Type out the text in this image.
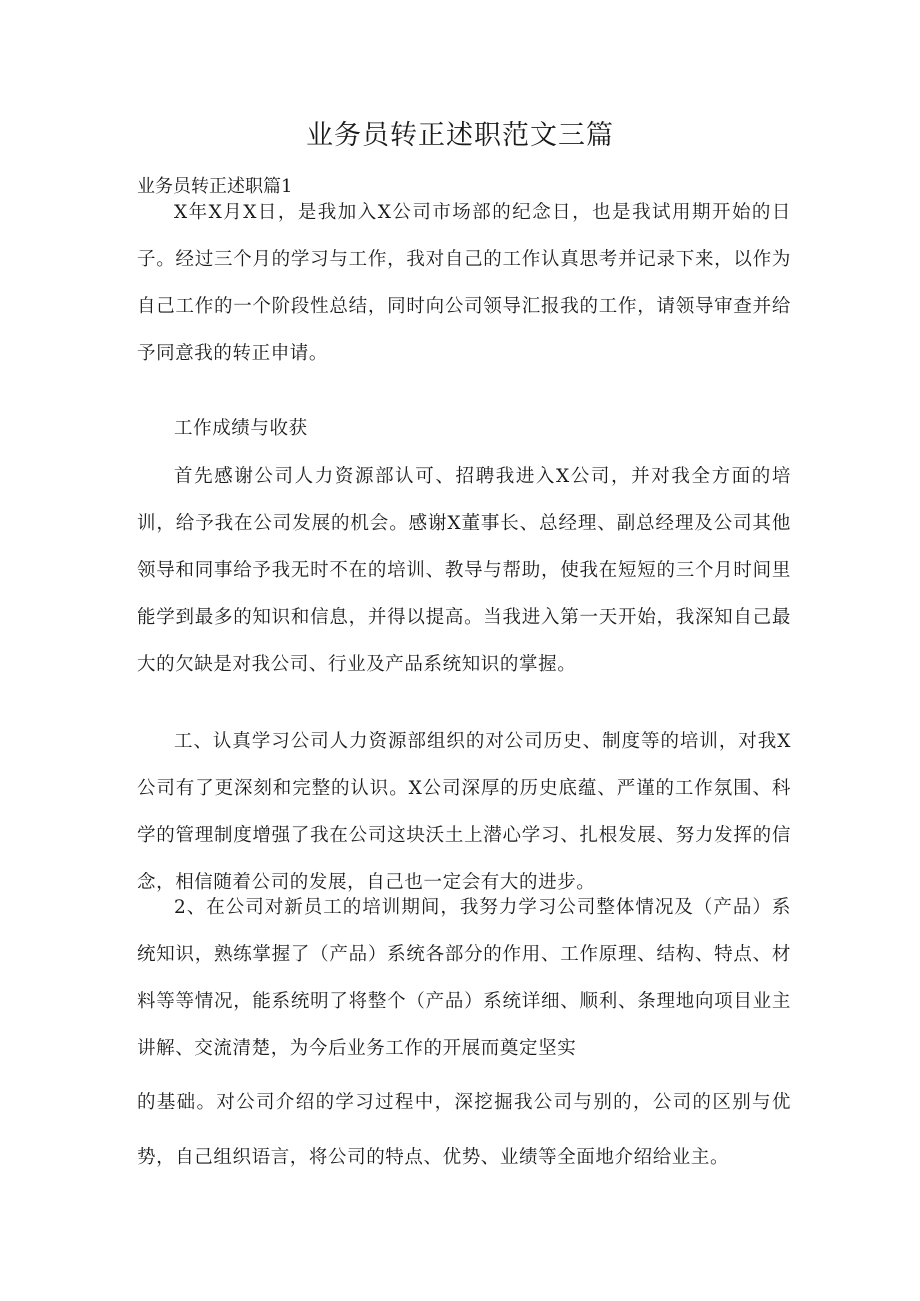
业务员转正述职范文三篇
业务员转正述职篇1

X年X月X日，是我加入X公司市场部的纪念日，也是我试用期开始的日子。经过三个月的学习与工作，我对自己的工作认真思考并记录下来，以作为自己工作的一个阶段性总结，同时向公司领导汇报我的工作，请领导审查并给予同意我的转正申请。

工作成绩与收获

首先感谢公司人力资源部认可、招聘我进入X公司，并对我全方面的培训，给予我在公司发展的机会。感谢X董事长、总经理、副总经理及公司其他领导和同事给予我无时不在的培训、教导与帮助，使我在短短的三个月时间里能学到最多的知识和信息，并得以提高。当我进入第一天开始，我深知自己最大的欠缺是对我公司、行业及产品系统知识的掌握。

工、认真学习公司人力资源部组织的对公司历史、制度等的培训，对我X公司有了更深刻和完整的认识。X公司深厚的历史底蕴、严谨的工作氛围、科学的管理制度增强了我在公司这块沃土上潜心学习、扎根发展、努力发挥的信念，相信随着公司的发展，自己也一定会有大的进步。

2、在公司对新员工的培训期间，我努力学习公司整体情况及（产品）系统知识，熟练掌握了（产品）系统各部分的作用、工作原理、结构、特点、材料等等情况，能系统明了将整个（产品）系统详细、顺利、条理地向项目业主讲解、交流清楚，为今后业务工作的开展而奠定坚实

的基础。对公司介绍的学习过程中，深挖掘我公司与别的，公司的区别与优势，自己组织语言，将公司的特点、优势、业绩等全面地介绍给业主。
